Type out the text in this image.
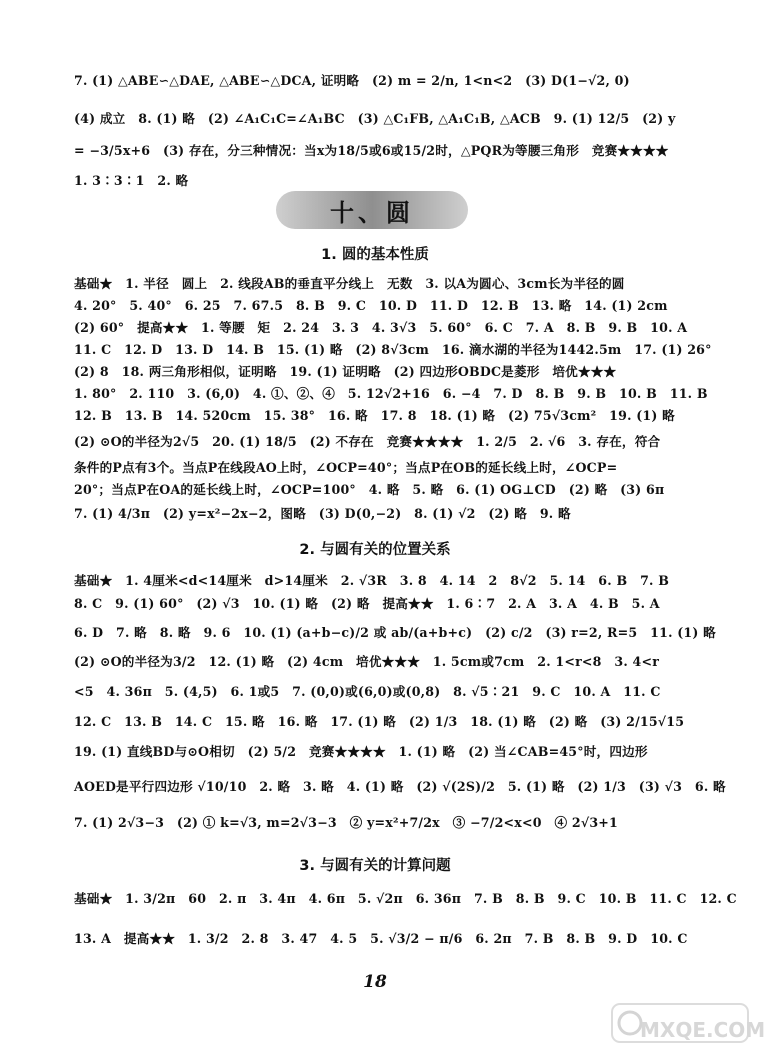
7. (1) △ABE∽△DAE, △ABE∽△DCA, 证明略　(2) m = 2/n, 1<n<2　(3) D(1−√2, 0)
(4) 成立　8. (1) 略　(2) ∠A₁C₁C=∠A₁BC　(3) △C₁FB, △A₁C₁B, △ACB　9. (1) 12/5　(2) y
= −3/5x+6　(3) 存在，分三种情况：当x为18/5或6或15/2时，△PQR为等腰三角形　竞赛★★★★
1. 3∶3∶1　2. 略
十、圆
1. 圆的基本性质
基础★　1. 半径　圆上　2. 线段AB的垂直平分线上　无数　3. 以A为圆心、3cm长为半径的圆
4. 20°　5. 40°　6. 25　7. 67.5　8. B　9. C　10. D　11. D　12. B　13. 略　14. (1) 2cm
(2) 60°　提高★★　1. 等腰　矩　2. 24　3. 3　4. 3√3　5. 60°　6. C　7. A　8. B　9. B　10. A
11. C　12. D　13. D　14. B　15. (1) 略　(2) 8√3cm　16. 滴水湖的半径为1442.5m　17. (1) 26°
(2) 8　18. 两三角形相似，证明略　19. (1) 证明略　(2) 四边形OBDC是菱形　培优★★★
1. 80°　2. 110　3. (6,0)　4. ①、②、④　5. 12√2+16　6. −4　7. D　8. B　9. B　10. B　11. B
12. B　13. B　14. 520cm　15. 38°　16. 略　17. 8　18. (1) 略　(2) 75√3cm²　19. (1) 略
(2) ⊙O的半径为2√5　20. (1) 18/5　(2) 不存在　竞赛★★★★　1. 2/5　2. √6　3. 存在，符合
条件的P点有3个。当点P在线段AO上时，∠OCP=40°；当点P在OB的延长线上时，∠OCP=
20°；当点P在OA的延长线上时，∠OCP=100°　4. 略　5. 略　6. (1) OG⊥CD　(2) 略　(3) 6π
7. (1) 4/3π　(2) y=x²−2x−2，图略　(3) D(0,−2)　8. (1) √2　(2) 略　9. 略
2. 与圆有关的位置关系
基础★　1. 4厘米<d<14厘米　d>14厘米　2. √3R　3. 8　4. 14　2　8√2　5. 14　6. B　7. B
8. C　9. (1) 60°　(2) √3　10. (1) 略　(2) 略　提高★★　1. 6∶7　2. A　3. A　4. B　5. A
6. D　7. 略　8. 略　9. 6　10. (1) (a+b−c)/2 或 ab/(a+b+c)　(2) c/2　(3) r=2, R=5　11. (1) 略
(2) ⊙O的半径为3/2　12. (1) 略　(2) 4cm　培优★★★　1. 5cm或7cm　2. 1<r<8　3. 4<r
<5　4. 36π　5. (4,5)　6. 1或5　7. (0,0)或(6,0)或(0,8)　8. √5∶21　9. C　10. A　11. C
12. C　13. B　14. C　15. 略　16. 略　17. (1) 略　(2) 1/3　18. (1) 略　(2) 略　(3) 2/15√15
19. (1) 直线BD与⊙O相切　(2) 5/2　竞赛★★★★　1. (1) 略　(2) 当∠CAB=45°时，四边形
AOED是平行四边形 √10/10　2. 略　3. 略　4. (1) 略　(2) √(2S)/2　5. (1) 略　(2) 1/3　(3) √3　6. 略
7. (1) 2√3−3　(2) ① k=√3, m=2√3−3　② y=x²+7/2x　③ −7/2<x<0　④ 2√3+1
3. 与圆有关的计算问题
基础★　1. 3/2π　60　2. π　3. 4π　4. 6π　5. √2π　6. 36π　7. B　8. B　9. C　10. B　11. C　12. C
13. A　提高★★　1. 3/2　2. 8　3. 47　4. 5　5. √3/2 − π/6　6. 2π　7. B　8. B　9. D　10. C
18
MXQE.COM
